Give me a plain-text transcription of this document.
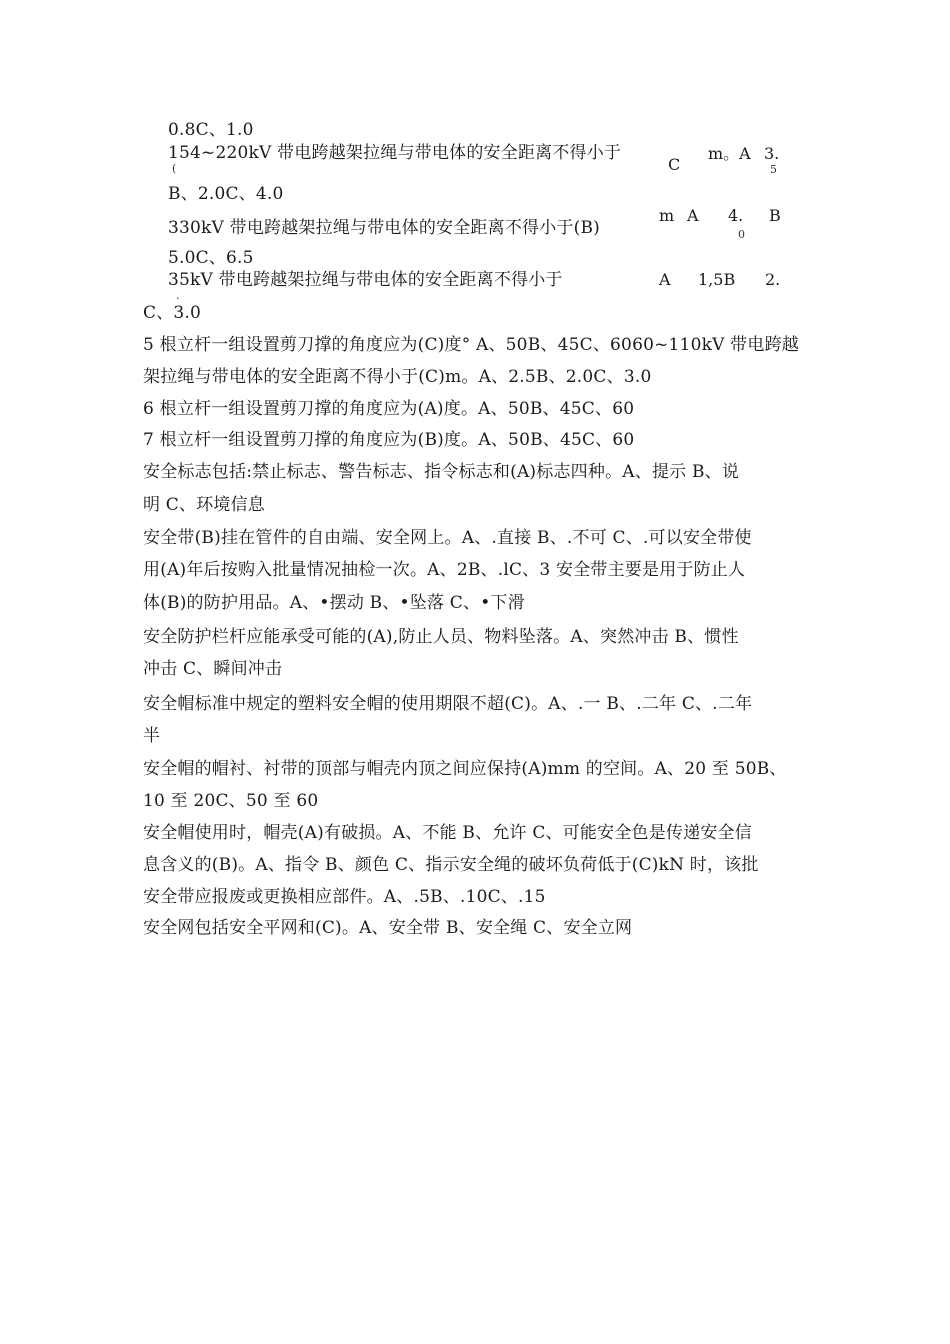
0.8C、1.0
154~220kV 带电跨越架拉绳与带电体的安全距离不得小于
C
m。A 3.
(	5
B、2.0C、4.0
330kV 带电跨越架拉绳与带电体的安全距离不得小于(B)
m A 4. B
0
5.0C、6.5
35kV 带电跨越架拉绳与带电体的安全距离不得小于	A 1,5B 2.
.
C、3.0
5 根立杆一组设置剪刀撑的角度应为(C)度° A、50B、45C、6060~110kV 带电跨越
架拉绳与带电体的安全距离不得小于(C)m。A、2.5B、2.0C、3.0
6 根立杆一组设置剪刀撑的角度应为(A)度。A、50B、45C、60
7 根立杆一组设置剪刀撑的角度应为(B)度。A、50B、45C、60
安全标志包括:禁止标志、警告标志、指令标志和(A)标志四种。A、提示 B、说
明 C、环境信息
安全带(B)挂在管件的自由端、安全网上。A、.直接 B、.不可 C、.可以安全带使
用(A)年后按购入批量情况抽检一次。A、2B、.lC、3 安全带主要是用于防止人
体(B)的防护用品。A、•摆动 B、•坠落 C、•下滑
安全防护栏杆应能承受可能的(A),防止人员、物料坠落。A、突然冲击 B、惯性
冲击 C、瞬间冲击
安全帽标准中规定的塑料安全帽的使用期限不超(C)。A、.一 B、.二年 C、.二年
半
安全帽的帽衬、衬带的顶部与帽壳内顶之间应保持(A)mm 的空间。A、20 至 50B、
10 至 20C、50 至 60
安全帽使用时，帽壳(A)有破损。A、不能 B、允许 C、可能安全色是传递安全信
息含义的(B)。A、指令 B、颜色 C、指示安全绳的破坏负荷低于(C)kN 时，该批
安全带应报废或更换相应部件。A、.5B、.10C、.15
安全网包括安全平网和(C)。A、安全带 B、安全绳 C、安全立网
